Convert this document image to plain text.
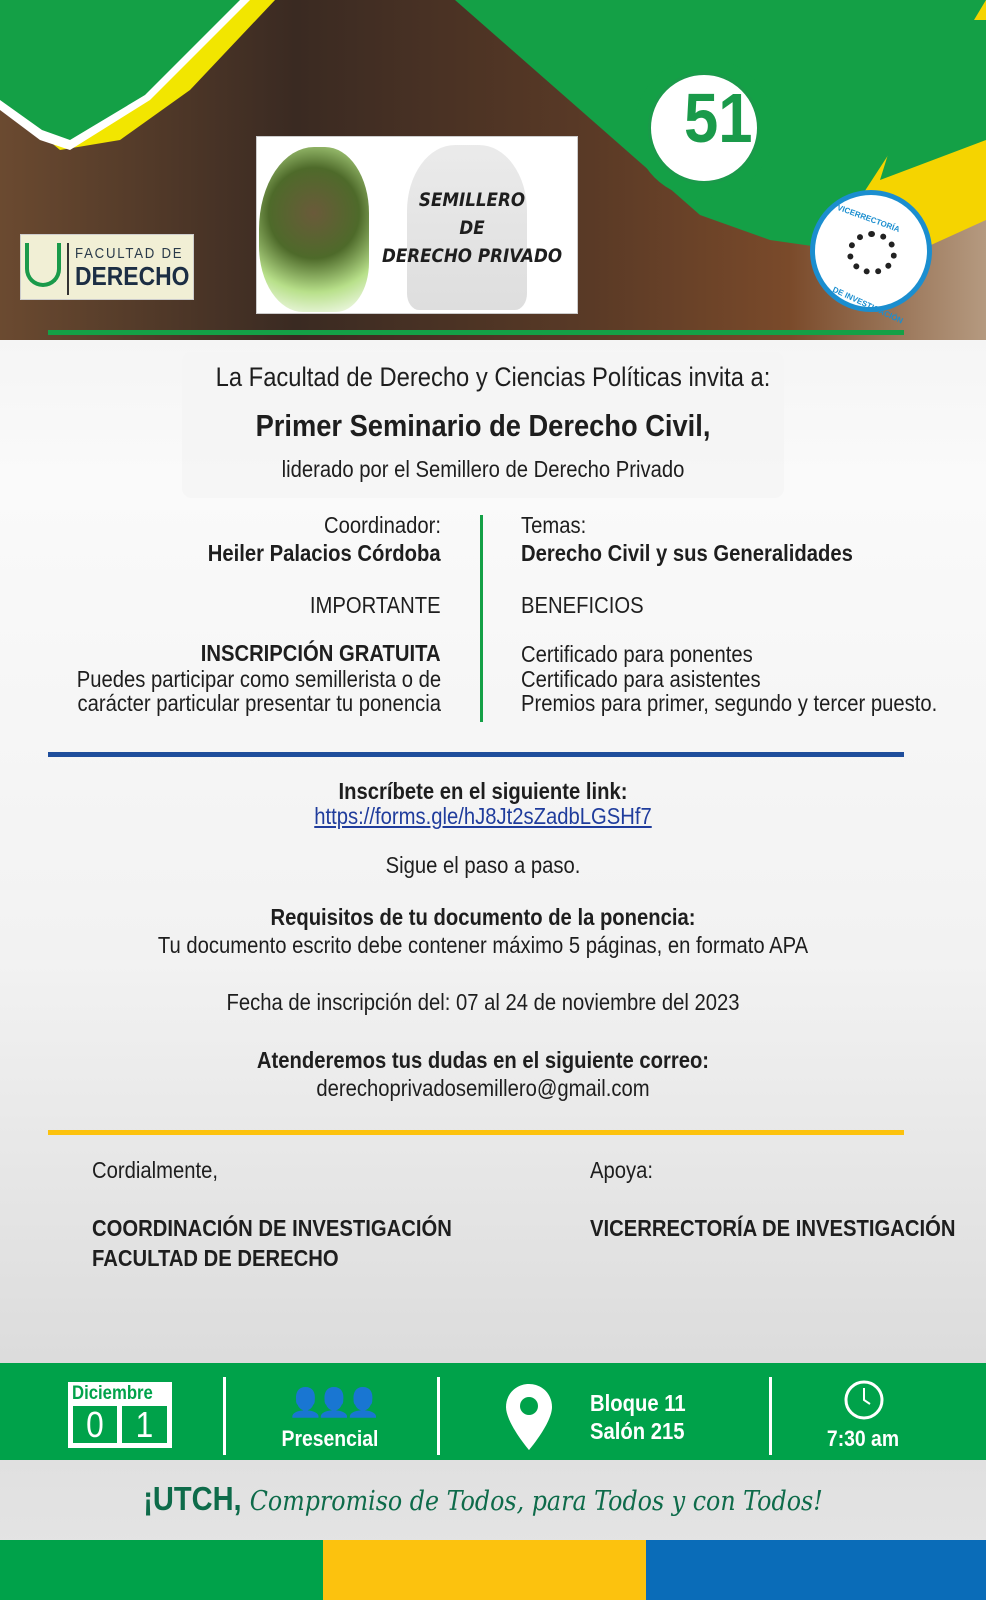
FACULTAD DE
DERECHO
SEMILLERO
DE
DERECHO PRIVADO
51
VICERRECTORÍA
DE INVESTIGACIÓN
La Facultad de Derecho y Ciencias Políticas invita a:
Primer Seminario de Derecho Civil,
liderado por el Semillero de Derecho Privado
Coordinador:
Heiler Palacios Córdoba
IMPORTANTE
INSCRIPCIÓN GRATUITA
Puedes participar como semillerista o de
carácter particular presentar tu ponencia
Temas:
Derecho Civil y sus Generalidades
BENEFICIOS
Certificado para ponentes
Certificado para asistentes
Premios para primer, segundo y tercer puesto.
Inscríbete en el siguiente link:
https://forms.gle/hJ8Jt2sZadbLGSHf7
Sigue el paso a paso.
Requisitos de tu documento de la ponencia:
Tu documento escrito debe contener máximo 5 páginas, en formato APA
Fecha de inscripción del: 07 al 24 de noviembre del 2023
Atenderemos tus dudas en el siguiente correo:
derechoprivadosemillero@gmail.com
Cordialmente,
COORDINACIÓN DE INVESTIGACIÓN
FACULTAD DE DERECHO
Apoya:
VICERRECTORÍA DE INVESTIGACIÓN
Diciembre
0 1
👤👤👤
Presencial
Bloque 11
Salón 215	7:30 am
¡UTCH, Compromiso de Todos, para Todos y con Todos!
